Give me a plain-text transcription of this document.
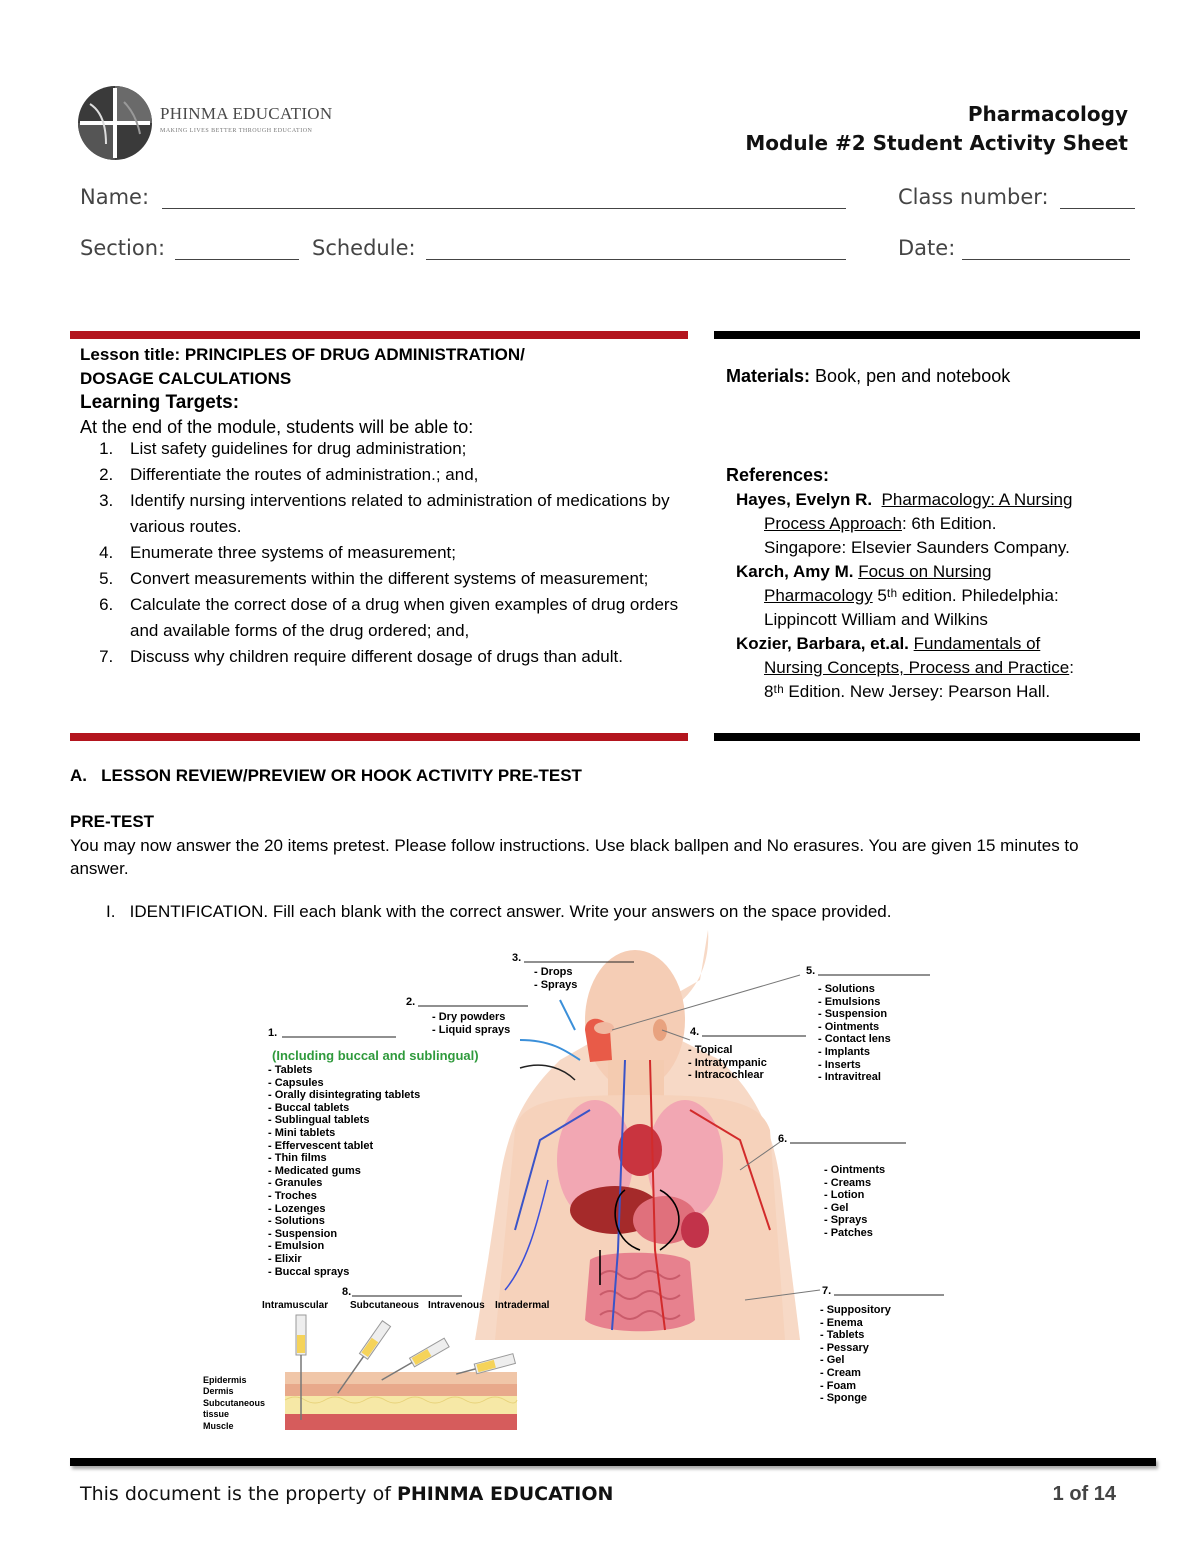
PHINMA EDUCATION
MAKING LIVES BETTER THROUGH EDUCATION
Pharmacology
Module #2 Student Activity Sheet
Name:	Class number:
Section:	Schedule:	Date:
Lesson title: PRINCIPLES OF DRUG ADMINISTRATION/
DOSAGE CALCULATIONS
Learning Targets:
At the end of the module, students will be able to:
1. List safety guidelines for drug administration;
2. Differentiate the routes of administration.; and,
3. Identify nursing interventions related to administration of medications by various routes.
4. Enumerate three systems of measurement;
5. Convert measurements within the different systems of measurement;
6. Calculate the correct dose of a drug when given examples of drug orders and available forms of the drug ordered; and,
7. Discuss why children require different dosage of drugs than adult.
Materials: Book, pen and notebook
References:

Hayes, Evelyn R. Pharmacology: A Nursing

Process Approach: 6th Edition.

Singapore: Elsevier Saunders Company.

Karch, Amy M. Focus on Nursing

Pharmacology 5ᵗʰ edition. Philedelphia:

Lippincott William and Wilkins

Kozier, Barbara, et.al. Fundamentals of

Nursing Concepts, Process and Practice:

8ᵗʰ Edition. New Jersey: Pearson Hall.

A.   LESSON REVIEW/PREVIEW OR HOOK ACTIVITY PRE-TEST
PRE-TEST
You may now answer the 20 items pretest. Please follow instructions. Use black ballpen and No erasures. You are given 15 minutes to answer.
I.   IDENTIFICATION. Fill each blank with the correct answer. Write your answers on the space provided.
1.
(Including buccal and sublingual)
- Tablets
- Capsules
- Orally disintegrating tablets
- Buccal tablets
- Sublingual tablets
- Mini tablets
- Effervescent tablet
- Thin films
- Medicated gums
- Granules
- Troches
- Lozenges
- Solutions
- Suspension
- Emulsion
- Elixir
- Buccal sprays
2.
- Dry powders
- Liquid sprays
3.
- Drops
- Sprays
4.
- Topical
- Intratympanic
- Intracochlear
5.
- Solutions
- Emulsions
- Suspension
- Ointments
- Contact lens
- Implants
- Inserts
- Intravitreal
6.
- Ointments
- Creams
- Lotion
- Gel
- Sprays
- Patches
7.
- Suppository
- Enema
- Tablets
- Pessary
- Gel
- Cream
- Foam
- Sponge
8.
Intramuscular Subcutaneous Intravenous Intradermal
Epidermis
Dermis
Subcutaneous
tissue
Muscle
This document is the property of PHINMA EDUCATION	1 of 14
